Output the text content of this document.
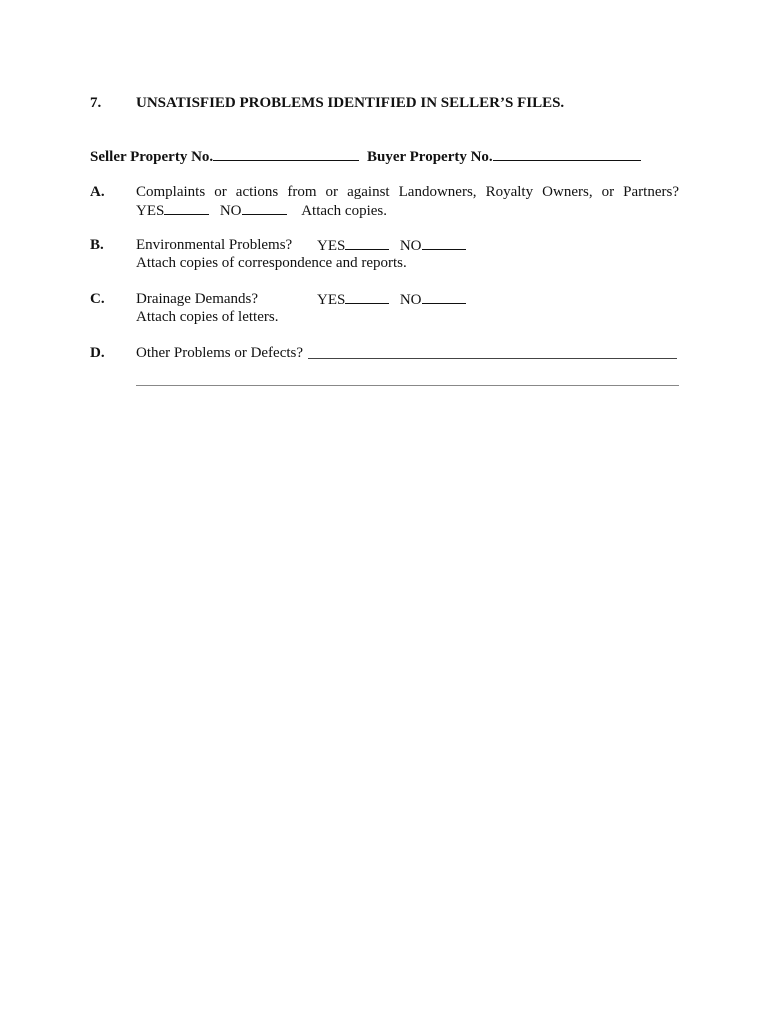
7. UNSATISFIED PROBLEMS IDENTIFIED IN SELLER’S FILES.
Seller Property No.	Buyer Property No.
A. Complaints or actions from or against Landowners, Royalty Owners, or Partners?
YES	NO	Attach copies.
B. Environmental Problems? YES	NO
Attach copies of correspondence and reports.
C. Drainage Demands?	YES	NO
Attach copies of letters.
D. Other Problems or Defects?
